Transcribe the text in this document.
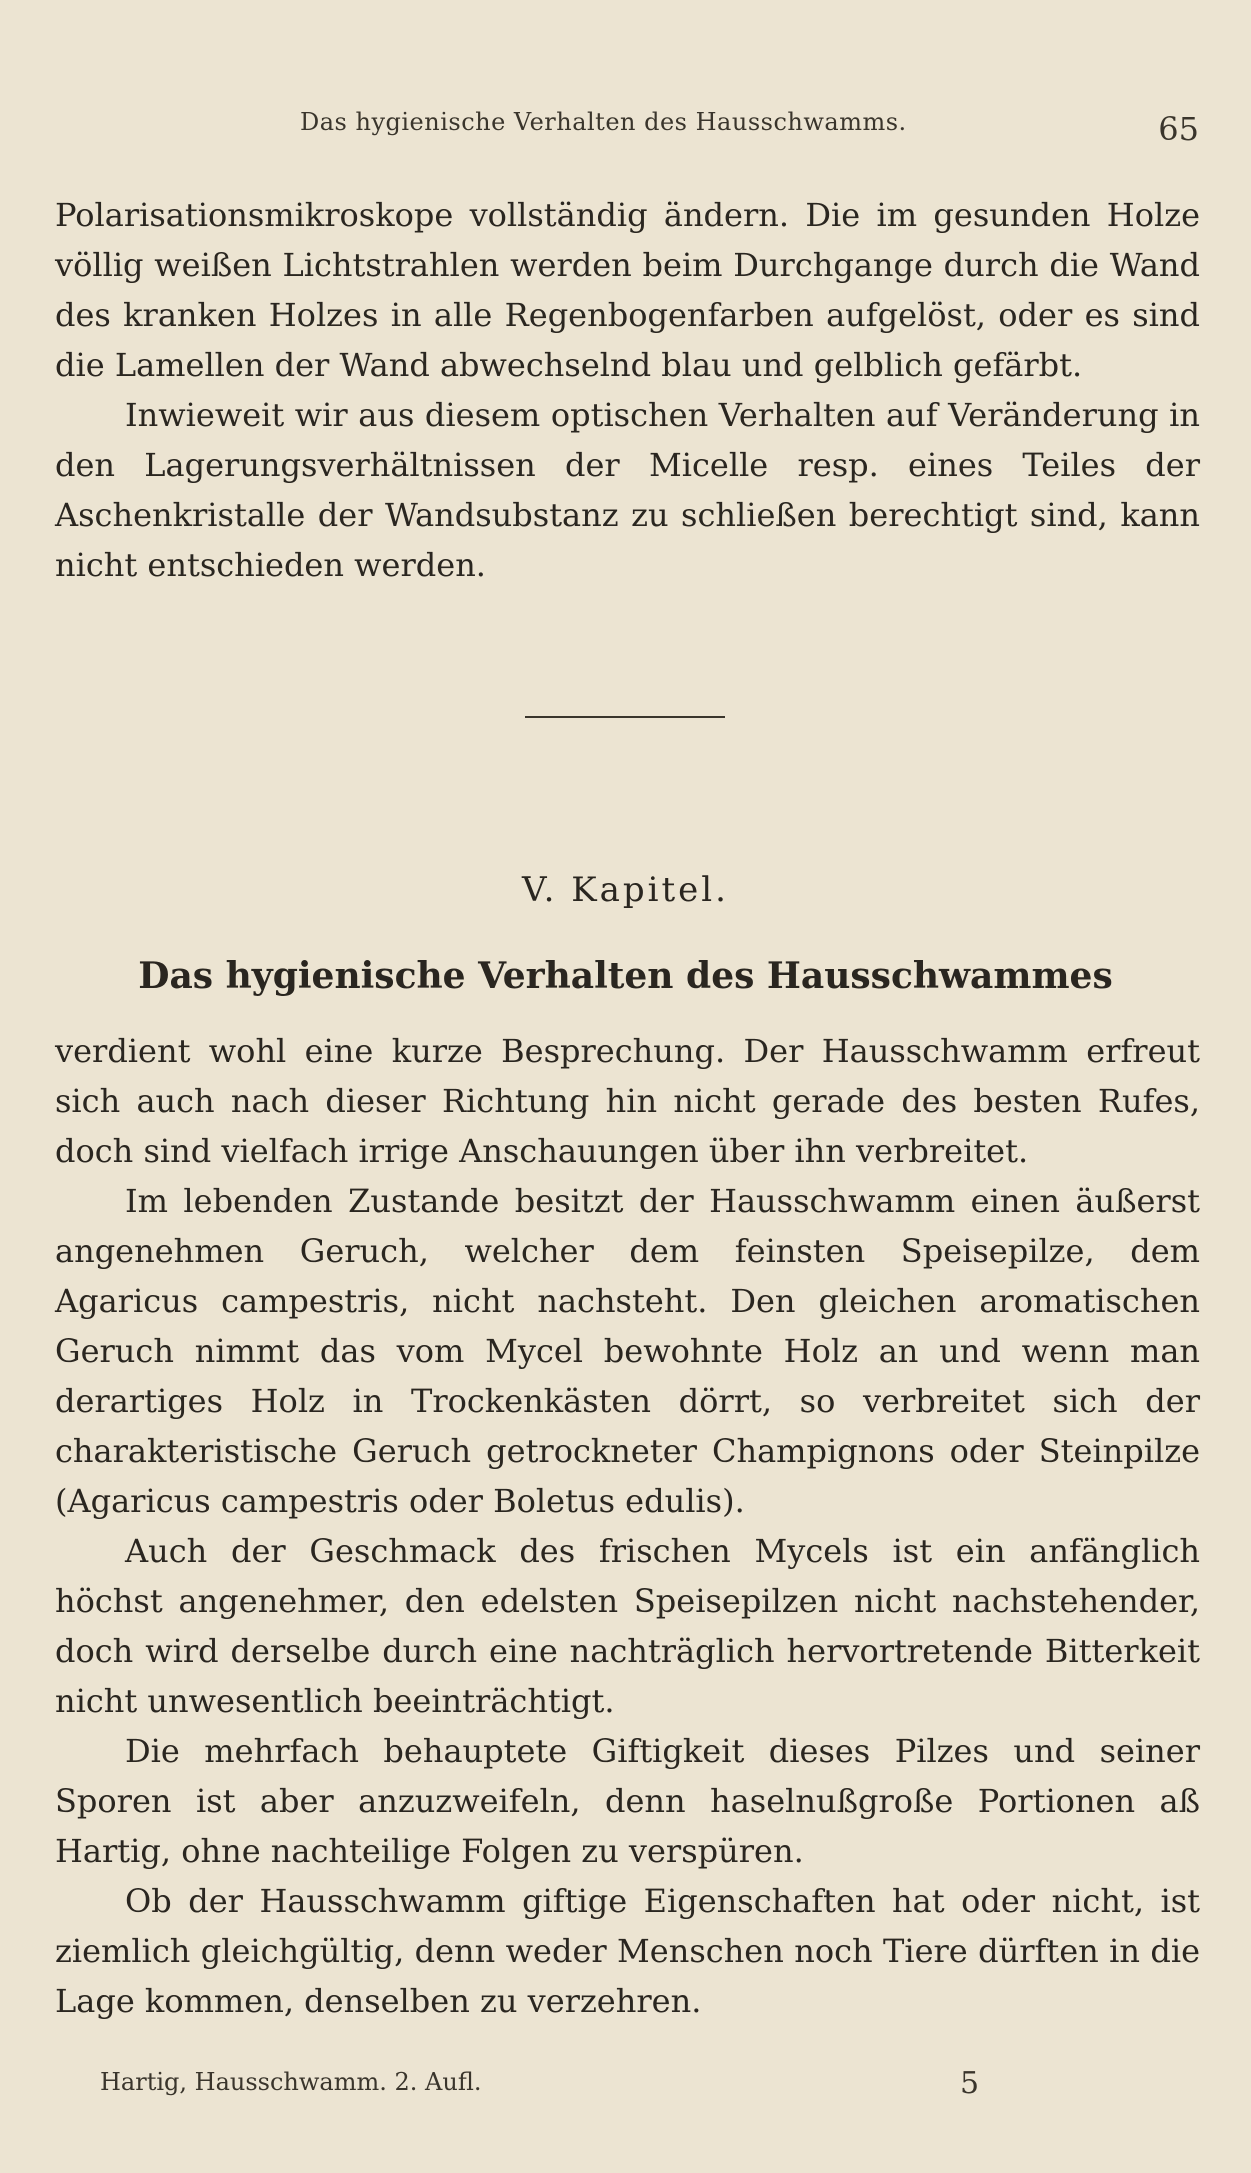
Das hygienische Verhalten des Hausschwamms.	65

Polarisationsmikroskope vollständig ändern. Die im gesunden Holze völlig weißen Lichtstrahlen werden beim Durchgange durch die Wand des kranken Holzes in alle Regenbogenfarben aufgelöst, oder es sind die Lamellen der Wand abwechselnd blau und gelblich gefärbt.

Inwieweit wir aus diesem optischen Verhalten auf Veränderung in den Lagerungsverhältnissen der Micelle resp. eines Teiles der Aschenkristalle der Wandsubstanz zu schließen berechtigt sind, kann nicht entschieden werden.

V. Kapitel.
Das hygienische Verhalten des Hausschwammes

verdient wohl eine kurze Besprechung. Der Hausschwamm erfreut sich auch nach dieser Richtung hin nicht gerade des besten Rufes, doch sind vielfach irrige Anschauungen über ihn verbreitet.

Im lebenden Zustande besitzt der Hausschwamm einen äußerst angenehmen Geruch, welcher dem feinsten Speisepilze, dem Agaricus campestris, nicht nachsteht. Den gleichen aromatischen Geruch nimmt das vom Mycel bewohnte Holz an und wenn man derartiges Holz in Trockenkästen dörrt, so verbreitet sich der charakteristische Geruch getrockneter Champignons oder Steinpilze (Agaricus campestris oder Boletus edulis).

Auch der Geschmack des frischen Mycels ist ein anfänglich höchst angenehmer, den edelsten Speisepilzen nicht nachstehender, doch wird derselbe durch eine nachträglich hervortretende Bitterkeit nicht unwesentlich beeinträchtigt.

Die mehrfach behauptete Giftigkeit dieses Pilzes und seiner Sporen ist aber anzuzweifeln, denn haselnußgroße Portionen aß Hartig, ohne nachteilige Folgen zu verspüren.

Ob der Hausschwamm giftige Eigenschaften hat oder nicht, ist ziemlich gleichgültig, denn weder Menschen noch Tiere dürften in die Lage kommen, denselben zu verzehren.

Hartig, Hausschwamm. 2. Aufl.	5
